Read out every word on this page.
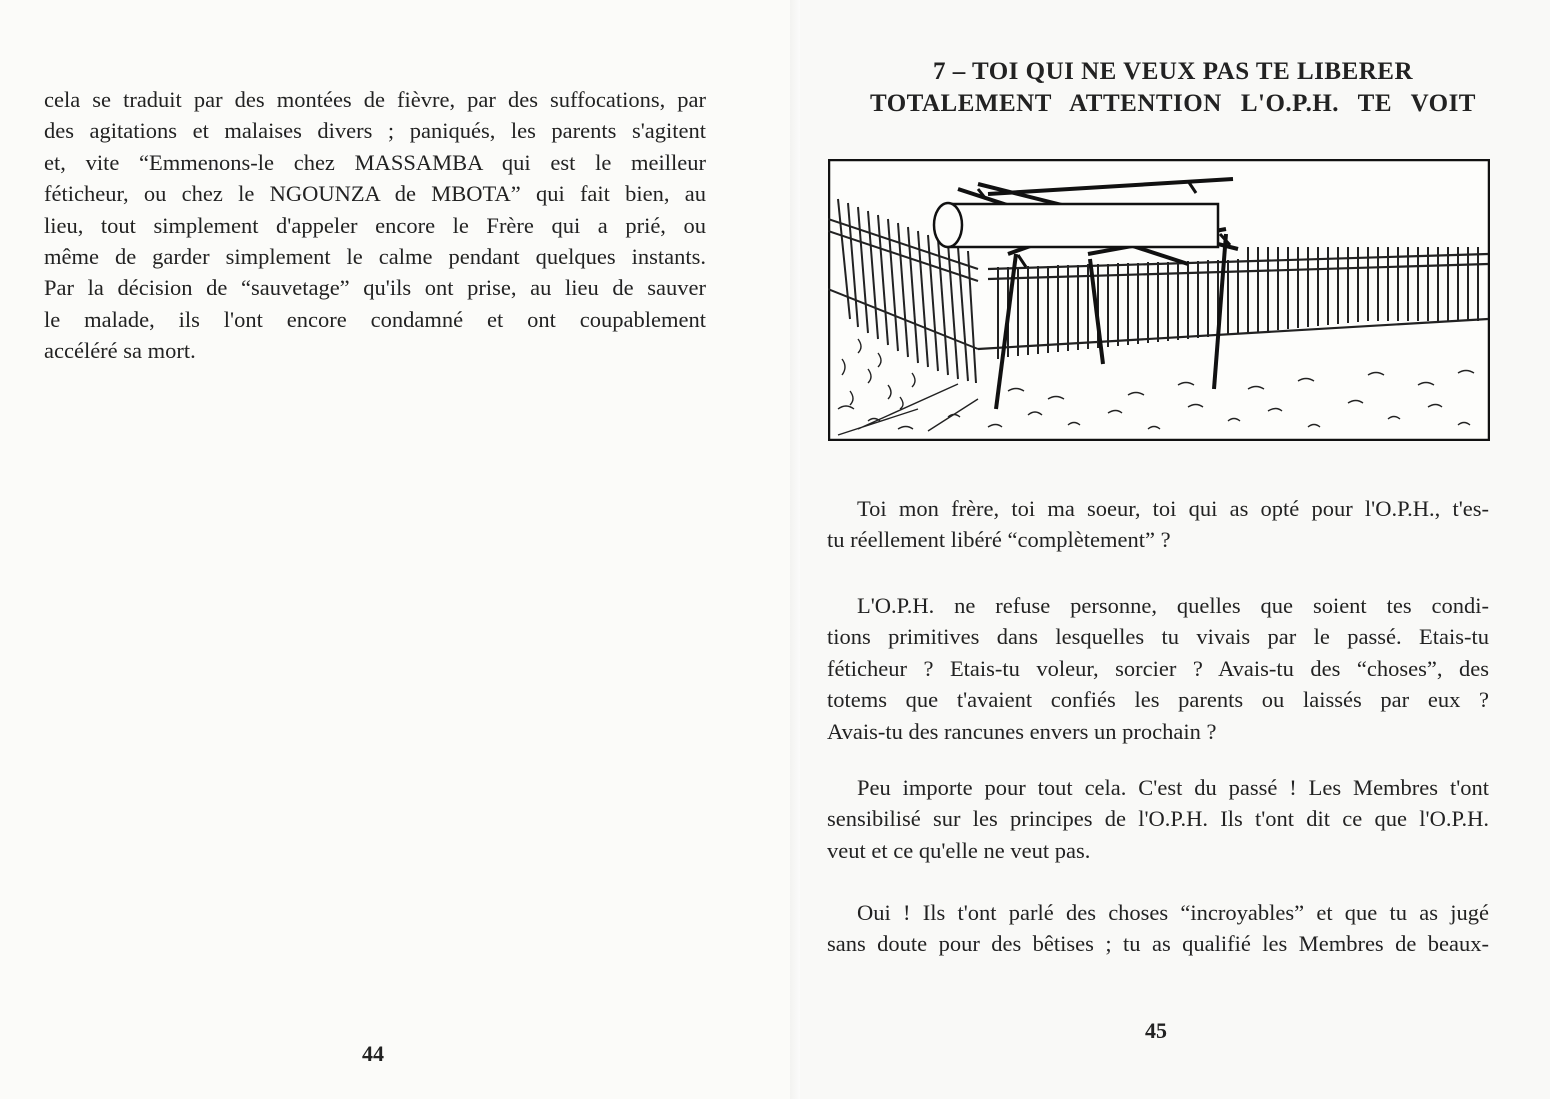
cela se traduit par des montées de fièvre, par des suffocations, par
des agitations et malaises divers ; paniqués, les parents s'agitent
et, vite “Emmenons-le chez MASSAMBA qui est le meilleur
féticheur, ou chez le NGOUNZA de MBOTA” qui fait bien, au
lieu, tout simplement d'appeler encore le Frère qui a prié, ou
même de garder simplement le calme pendant quelques instants.
Par la décision de “sauvetage” qu'ils ont prise, au lieu de sauver
le malade, ils l'ont encore condamné et ont coupablement
accéléré sa mort.
44
7 – TOI QUI NE VEUX PAS TE LIBERER
TOTALEMENT ATTENTION L'O.P.H. TE VOIT
Toi mon frère, toi ma soeur, toi qui as opté pour l'O.P.H., t'es-
tu réellement libéré “complètement” ?
L'O.P.H. ne refuse personne, quelles que soient tes condi-
tions primitives dans lesquelles tu vivais par le passé. Etais-tu
féticheur ? Etais-tu voleur, sorcier ? Avais-tu des “choses”, des
totems que t'avaient confiés les parents ou laissés par eux ?
Avais-tu des rancunes envers un prochain ?
Peu importe pour tout cela. C'est du passé ! Les Membres t'ont
sensibilisé sur les principes de l'O.P.H. Ils t'ont dit ce que l'O.P.H.
veut et ce qu'elle ne veut pas.
Oui ! Ils t'ont parlé des choses “incroyables” et que tu as jugé
sans doute pour des bêtises ; tu as qualifié les Membres de beaux-
45
